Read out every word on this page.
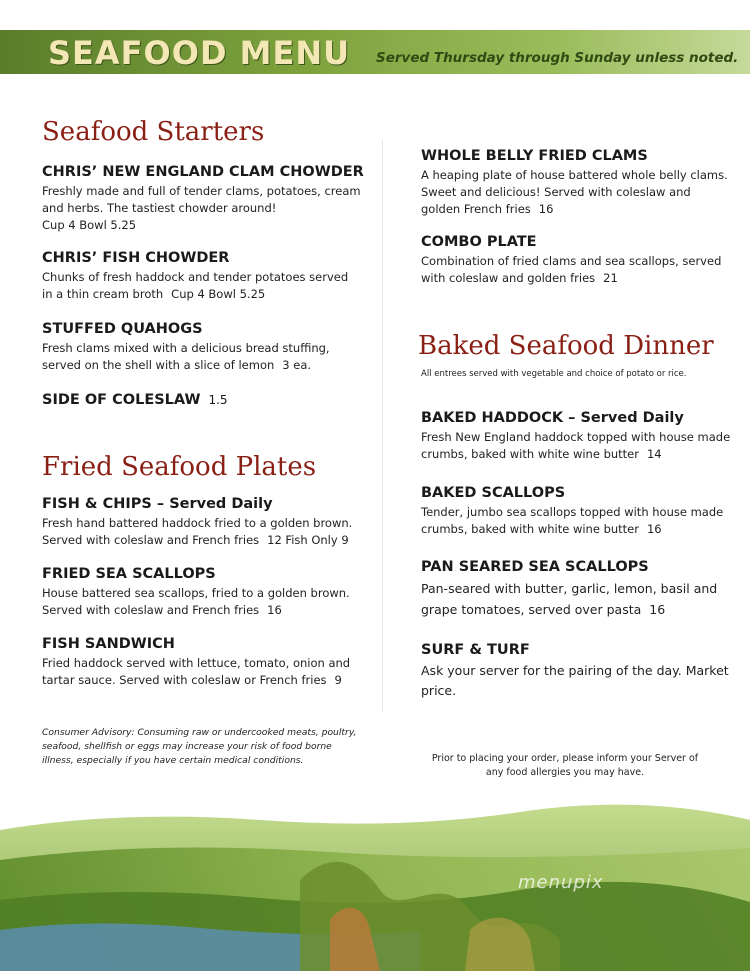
SEAFOOD MENU Served Thursday through Sunday unless noted.
Seafood Starters
CHRIS’ NEW ENGLAND CLAM CHOWDER
Freshly made and full of tender clams, potatoes, cream and herbs. The tastiest chowder around!
Cup 4 Bowl 5.25
CHRIS’ FISH CHOWDER
Chunks of fresh haddock and tender potatoes served in a thin cream broth Cup 4 Bowl 5.25
STUFFED QUAHOGS
Fresh clams mixed with a delicious bread stuffing, served on the shell with a slice of lemon 3 ea.
SIDE OF COLESLAW 1.5
Fried Seafood Plates
FISH & CHIPS – Served Daily
Fresh hand battered haddock fried to a golden brown. Served with coleslaw and French fries 12 Fish Only 9
FRIED SEA SCALLOPS
House battered sea scallops, fried to a golden brown. Served with coleslaw and French fries 16
FISH SANDWICH
Fried haddock served with lettuce, tomato, onion and tartar sauce. Served with coleslaw or French fries 9
WHOLE BELLY FRIED CLAMS
A heaping plate of house battered whole belly clams. Sweet and delicious! Served with coleslaw and golden French fries 16
COMBO PLATE
Combination of fried clams and sea scallops, served with coleslaw and golden fries 21
Baked Seafood Dinner
All entrees served with vegetable and choice of potato or rice.
BAKED HADDOCK – Served Daily
Fresh New England haddock topped with house made crumbs, baked with white wine butter 14
BAKED SCALLOPS
Tender, jumbo sea scallops topped with house made crumbs, baked with white wine butter 16
PAN SEARED SEA SCALLOPS
Pan-seared with butter, garlic, lemon, basil and grape tomatoes, served over pasta 16
SURF & TURF
Ask your server for the pairing of the day. Market price.
Consumer Advisory: Consuming raw or undercooked meats, poultry, seafood, shellfish or eggs may increase your risk of food borne illness, especially if you have certain medical conditions.	Prior to placing your order, please inform your Server of any food allergies you may have.
menupix
